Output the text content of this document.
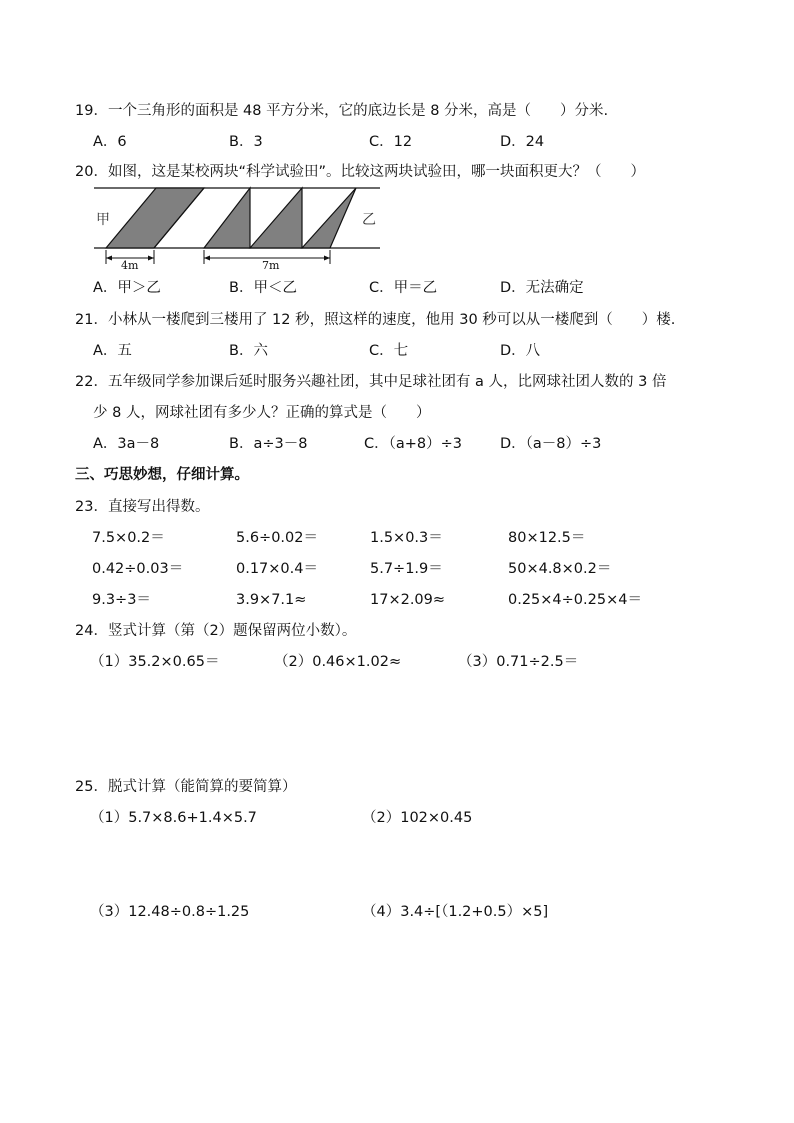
19．一个三角形的面积是 48 平方分米，它的底边长是 8 分米，高是（　　）分米.
A．6	B．3	C．12	D．24
20．如图，这是某校两块“科学试验田”。比较这两块试验田，哪一块面积更大？（　　）
甲	乙
4m	7m
A．甲＞乙	B．甲＜乙	C．甲＝乙	D．无法确定
21．小林从一楼爬到三楼用了 12 秒，照这样的速度，他用 30 秒可以从一楼爬到（　　）楼.
A．五	B．六	C．七	D．八
22．五年级同学参加课后延时服务兴趣社团，其中足球社团有 a 人，比网球社团人数的 3 倍
少 8 人，网球社团有多少人？正确的算式是（　　）
A．3a－8	B．a÷3－8	C．（a+8）÷3	D．（a－8）÷3
三、巧思妙想，仔细计算。
23．直接写出得数。
7.5×0.2＝	5.6÷0.02＝	1.5×0.3＝	80×12.5＝
0.42÷0.03＝	0.17×0.4＝	5.7÷1.9＝	50×4.8×0.2＝
9.3÷3＝	3.9×7.1≈	17×2.09≈	0.25×4÷0.25×4＝
24．竖式计算（第（2）题保留两位小数）。
（1）35.2×0.65＝	（2）0.46×1.02≈	（3）0.71÷2.5＝
25．脱式计算（能简算的要简算）
（1）5.7×8.6+1.4×5.7	（2）102×0.45
（3）12.48÷0.8÷1.25	（4）3.4÷[（1.2+0.5）×5]
